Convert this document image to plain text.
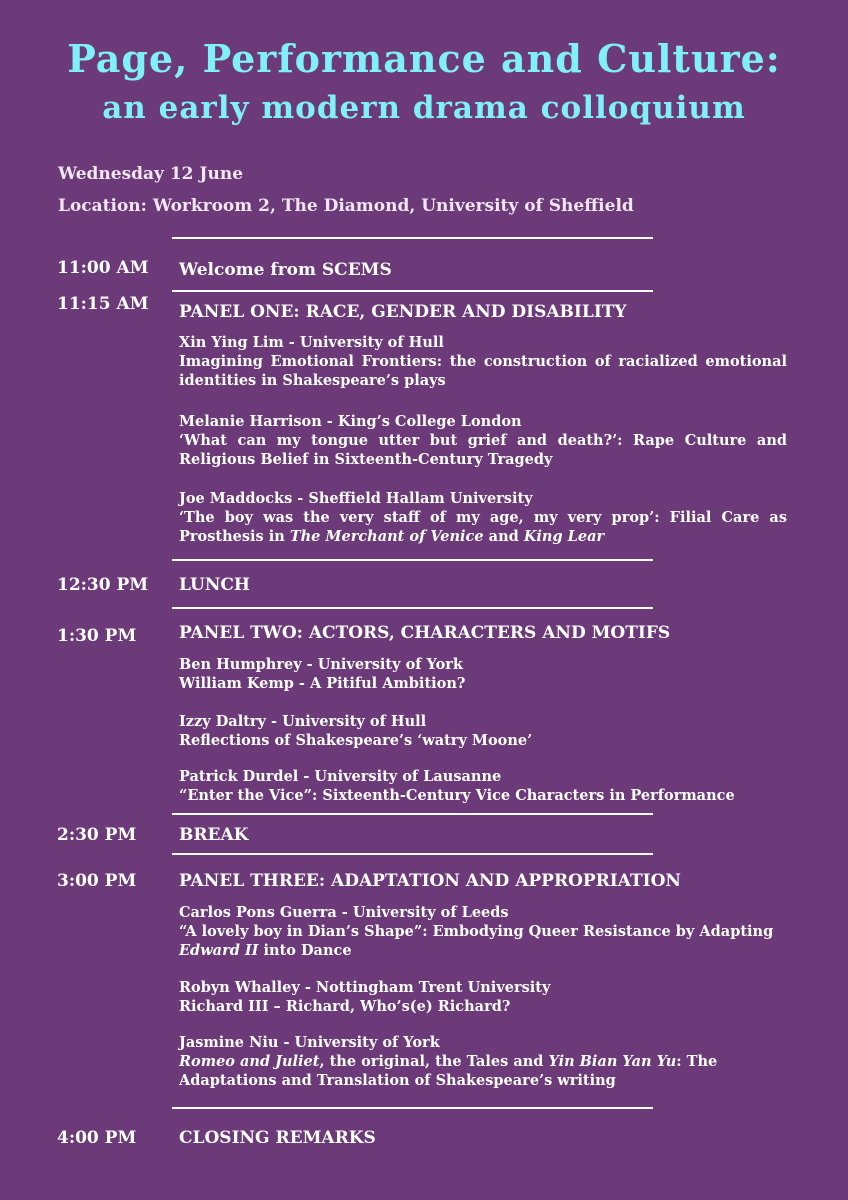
Page, Performance and Culture:
an early modern drama colloquium
Wednesday 12 June
Location: Workroom 2, The Diamond, University of Sheffield
11:00 AM Welcome from SCEMS
11:15 AM PANEL ONE: RACE, GENDER AND DISABILITY

Xin Ying Lim - University of Hull

Imagining Emotional Frontiers: the construction of racialized emotional identities in Shakespeare’s plays

Melanie Harrison - King’s College London

‘What can my tongue utter but grief and death?’: Rape Culture and Religious Belief in Sixteenth-Century Tragedy

Joe Maddocks - Sheffield Hallam University

‘The boy was the very staff of my age, my very prop’: Filial Care as Prosthesis in The Merchant of Venice and King Lear

12:30 PM LUNCH
1:30 PM	PANEL TWO: ACTORS, CHARACTERS AND MOTIFS

Ben Humphrey - University of York

William Kemp - A Pitiful Ambition?

Izzy Daltry - University of Hull

Reflections of Shakespeare’s ‘watry Moone’

Patrick Durdel - University of Lausanne

“Enter the Vice”: Sixteenth-Century Vice Characters in Performance

2:30 PM	BREAK
3:00 PM	PANEL THREE: ADAPTATION AND APPROPRIATION

Carlos Pons Guerra - University of Leeds

“A lovely boy in Dian’s Shape”: Embodying Queer Resistance by Adapting Edward II into Dance

Robyn Whalley - Nottingham Trent University

Richard III – Richard, Who’s(e) Richard?

Jasmine Niu - University of York

Romeo and Juliet, the original, the Tales and Yin Bian Yan Yu: The Adaptations and Translation of Shakespeare’s writing

4:00 PM	CLOSING REMARKS
